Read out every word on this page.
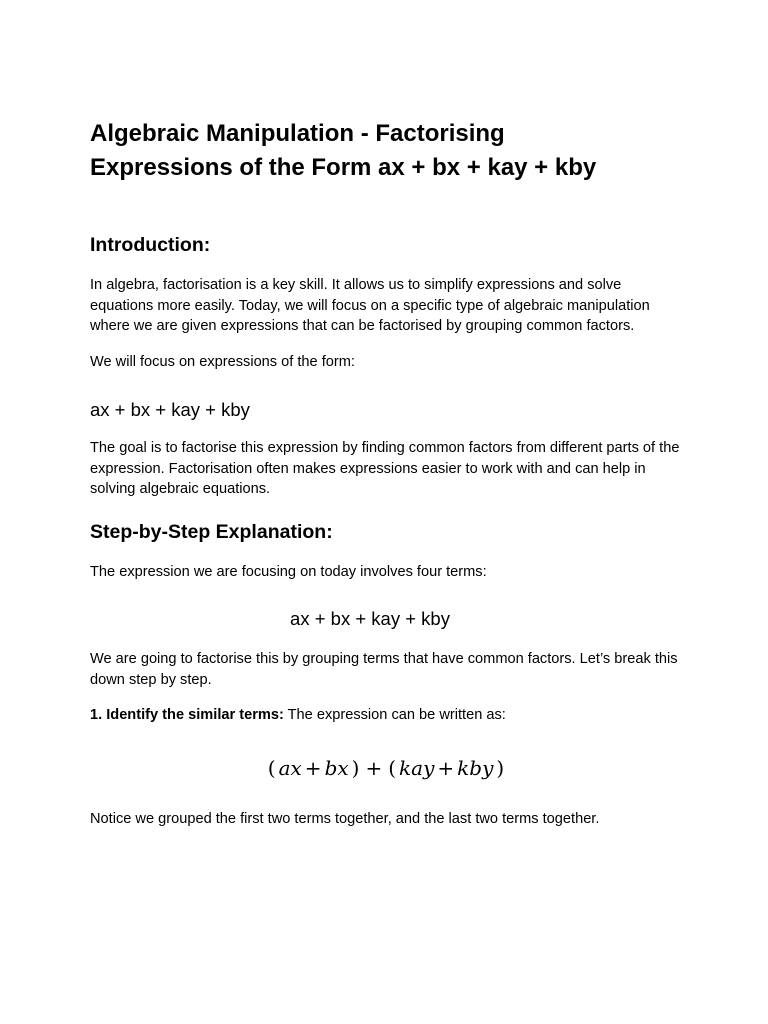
Algebraic Manipulation - Factorising
Expressions of the Form ax + bx + kay + kby
Introduction:

In algebra, factorisation is a key skill. It allows us to simplify expressions and solve equations more easily. Today, we will focus on a specific type of algebraic manipulation where we are given expressions that can be factorised by grouping common factors.

We will focus on expressions of the form:

ax + bx + kay + kby

The goal is to factorise this expression by finding common factors from different parts of the expression. Factorisation often makes expressions easier to work with and can help in solving algebraic equations.

Step-by-Step Explanation:

The expression we are focusing on today involves four terms:

ax + bx + kay + kby

We are going to factorise this by grouping terms that have common factors. Let’s break this down step by step.

1. Identify the similar terms: The expression can be written as:

( ax + bx ) + ( kay + kby )

Notice we grouped the first two terms together, and the last two terms together.
